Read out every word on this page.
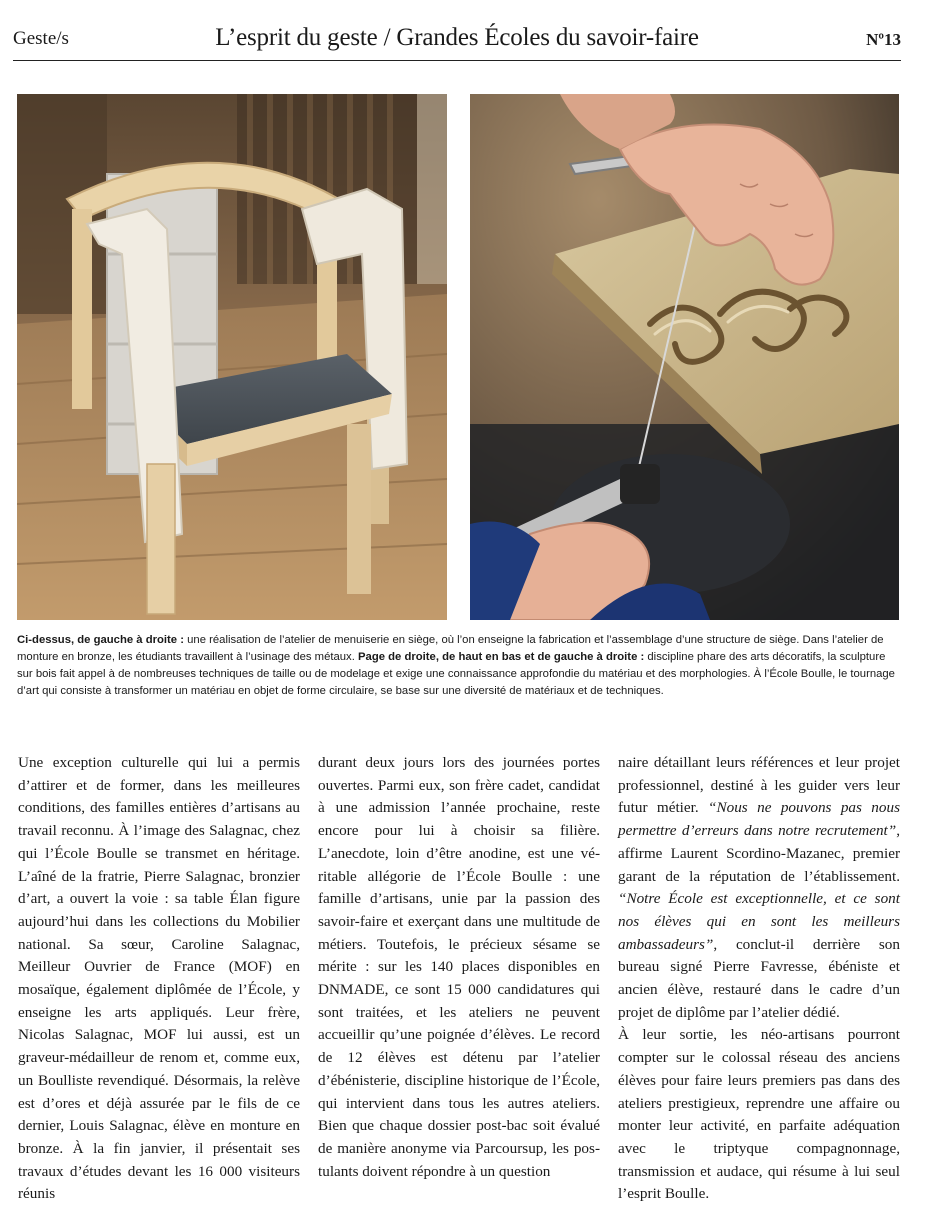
Geste/s	L’esprit du geste / Grandes Écoles du savoir-faire	Nº13
Ci-dessus, de gauche à droite : une réalisation de l’atelier de menuiserie en siège, où l’on enseigne la fabrication et l’assemblage d’une structure de siège. Dans l’atelier de monture en bronze, les étudiants travaillent à l’usinage des métaux. Page de droite, de haut en bas et de gauche à droite : discipline phare des arts décoratifs, la sculpture sur bois fait appel à de nombreuses techniques de taille ou de modelage et exige une connaissance approfondie du matériau et des morphologies. À l’École Boulle, le tournage d’art qui consiste à transformer un matériau en objet de forme circulaire, se base sur une diversité de matériaux et de techniques.
Une exception culturelle qui lui a permis d’attirer et de former, dans les meilleures conditions, des familles entières d’artisans au travail reconnu. À l’image des Salagnac, chez qui l’École Boulle se transmet en héritage. L’aîné de la fratrie, Pierre Salagnac, bronzier d’art, a ouvert la voie : sa table Élan figure aujourd’hui dans les collections du Mobilier national. Sa sœur, Caroline Salagnac, Meilleur Ouvrier de France (MOF) en mosaïque, également diplômée de l’École, y enseigne les arts appliqués. Leur frère, Nicolas Salagnac, MOF lui aussi, est un graveur-médailleur de renom et, comme eux, un Boulliste revendiqué. Désormais, la relève est d’ores et déjà assurée par le fils de ce dernier, Louis Salagnac, élève en monture en bronze. À la fin janvier, il présentait ses travaux d’études devant les 16 000 visiteurs réunis
durant deux jours lors des journées portes ouvertes. Parmi eux, son frère cadet, candidat à une admission l’année prochaine, reste encore pour lui à choisir sa filière. L’anecdote, loin d’être anodine, est une véritable allégorie de l’École Boulle : une famille d’artisans, unie par la passion des savoir-faire et exerçant dans une multitude de métiers. Toutefois, le précieux sésame se mérite : sur les 140 places disponibles en DNMADE, ce sont 15 000 candidatures qui sont traitées, et les ateliers ne peuvent accueillir qu’une poignée d’élèves. Le record de 12 élèves est détenu par l’atelier d’ébénisterie, discipline historique de l’École, qui intervient dans tous les autres ateliers. Bien que chaque dossier post-bac soit évalué de manière anonyme via Parcoursup, les postulants doivent répondre à un question
naire détaillant leurs références et leur projet professionnel, destiné à les guider vers leur futur métier. “Nous ne pouvons pas nous permettre d’erreurs dans notre recrutement”, affirme Laurent Scordino-Mazanec, premier garant de la réputation de l’établissement. “Notre École est exceptionnelle, et ce sont nos élèves qui en sont les meilleurs ambassadeurs”, conclut-il derrière son bureau signé Pierre Favresse, ébéniste et ancien élève, restauré dans le cadre d’un projet de diplôme par l’atelier dédié.
À leur sortie, les néo-artisans pourront compter sur le colossal réseau des anciens élèves pour faire leurs premiers pas dans des ateliers prestigieux, reprendre une affaire ou monter leur activité, en parfaite adéquation avec le triptyque compagnonnage, transmission et audace, qui résume à lui seul l’esprit Boulle.
